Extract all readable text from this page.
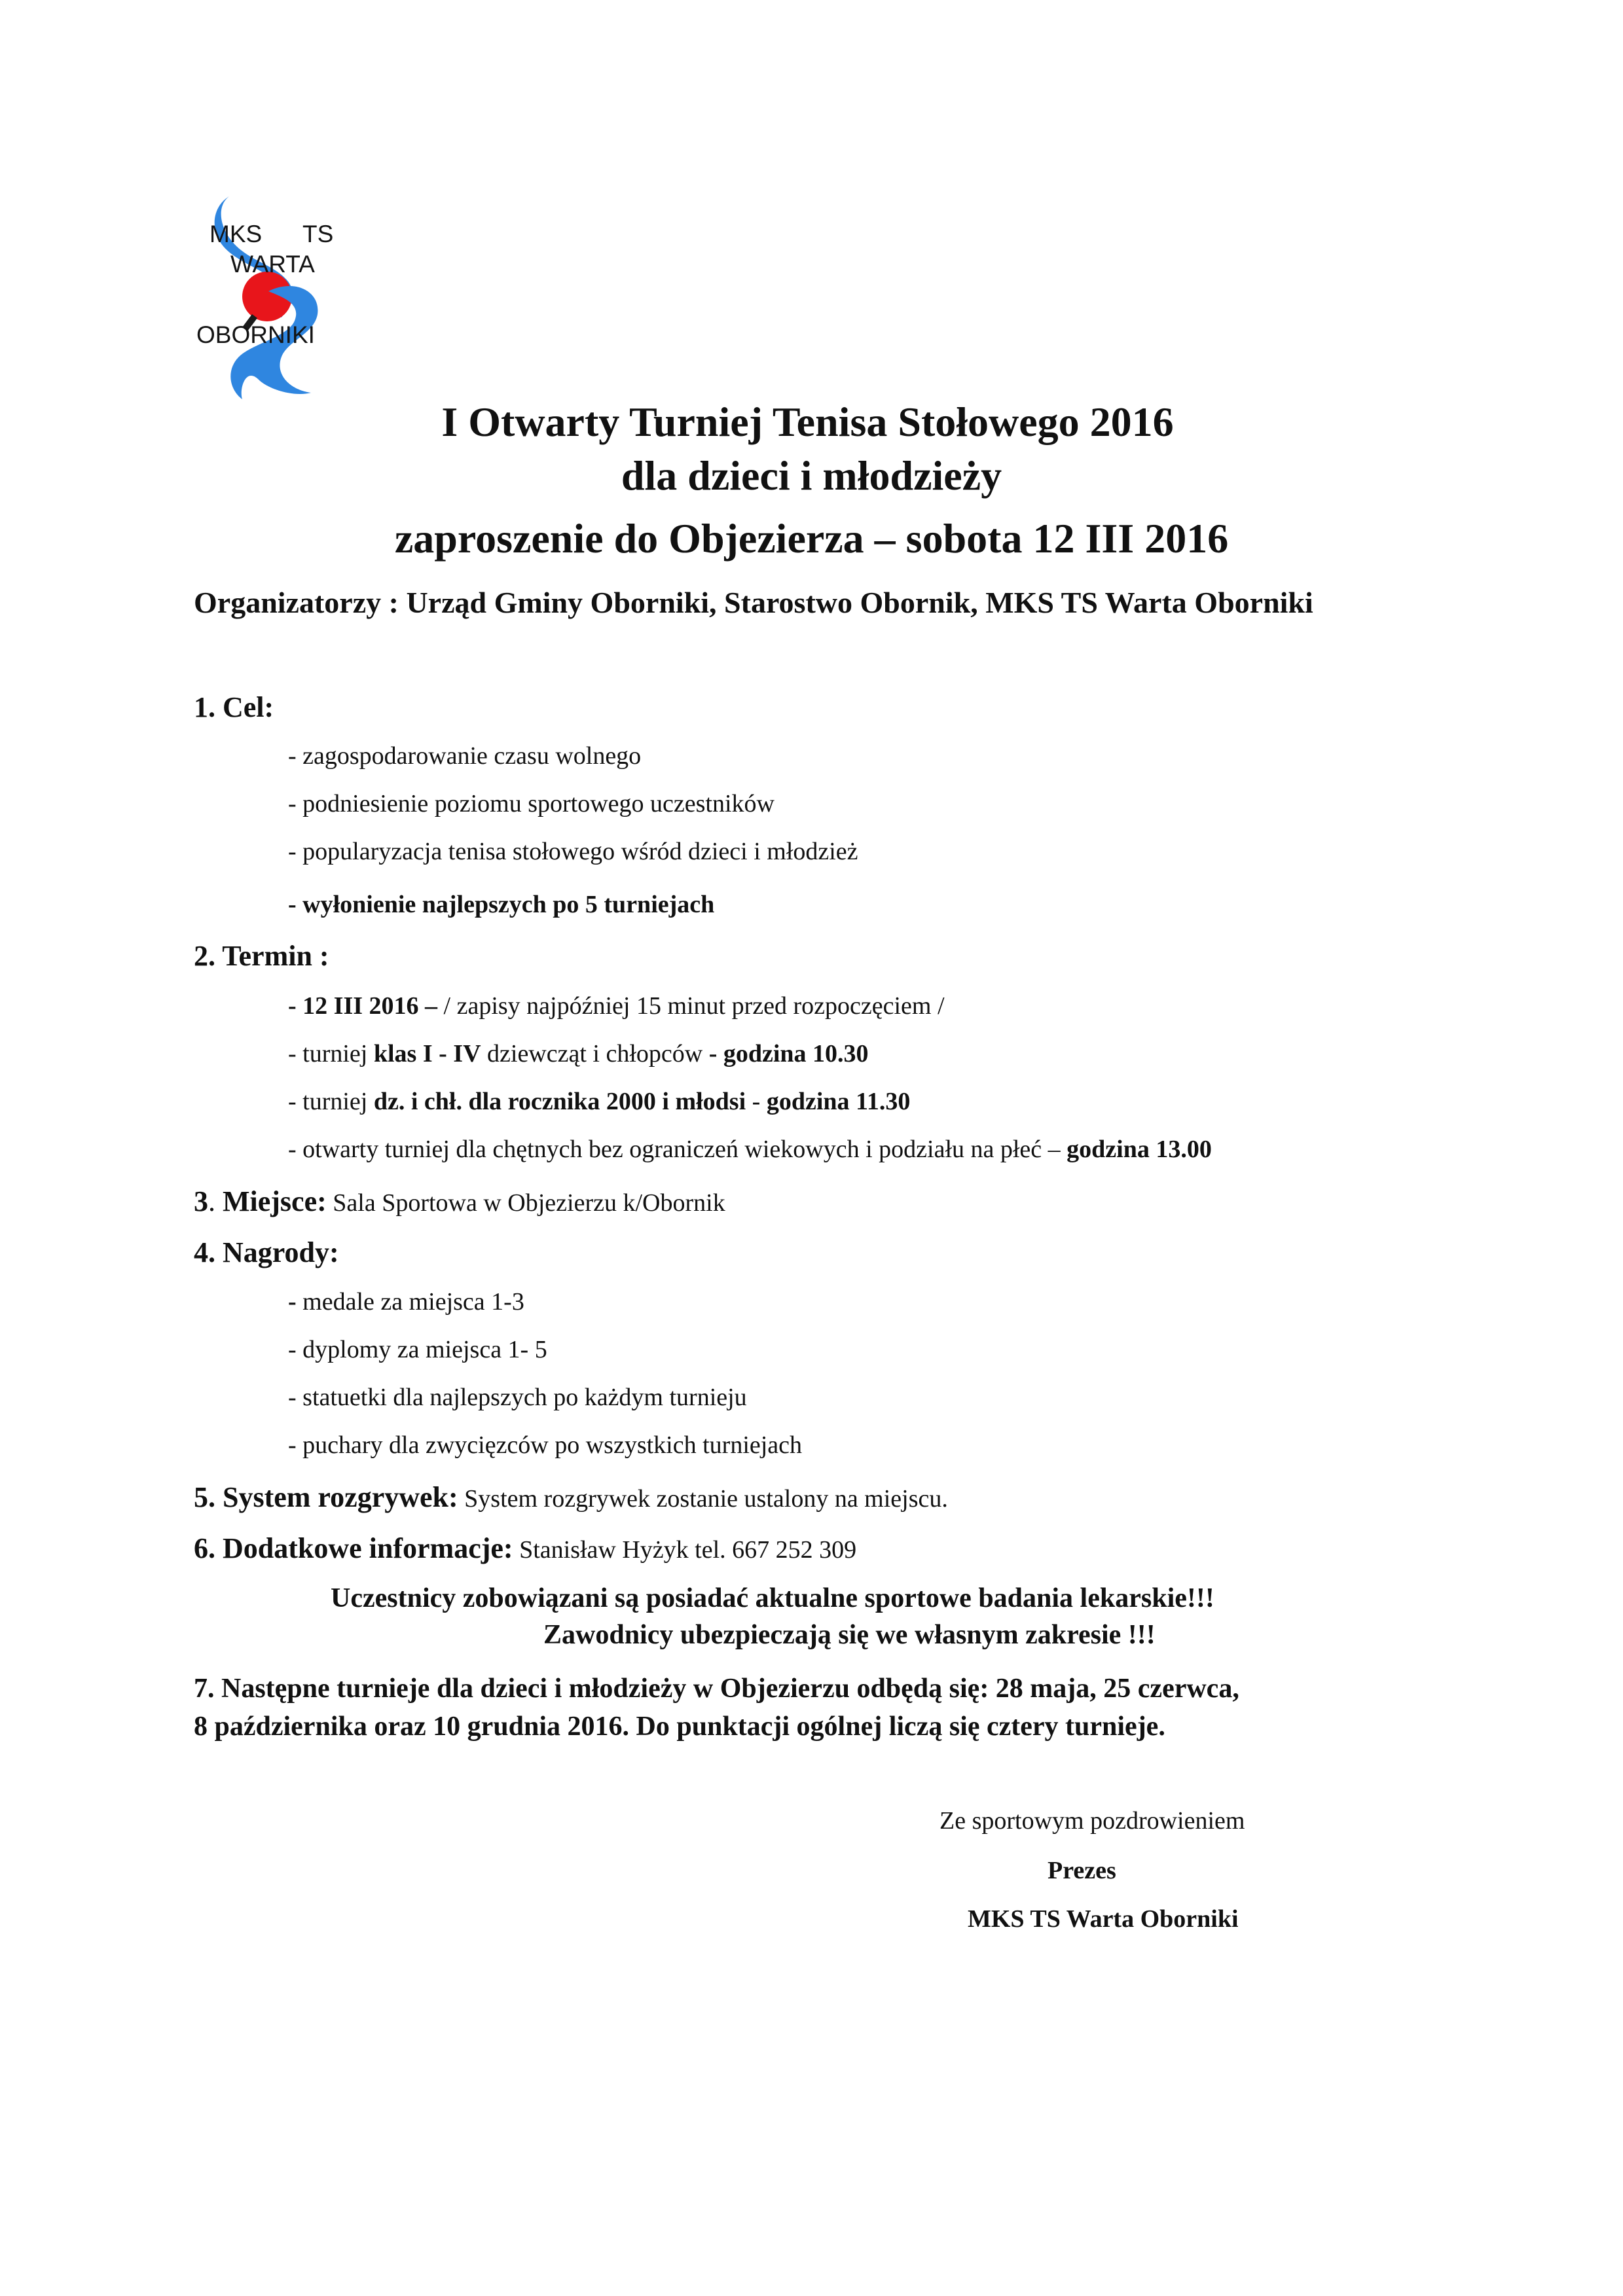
MKS TS
WARTA
OBORNIKI
I Otwarty Turniej Tenisa Stołowego 2016
dla dzieci i młodzieży
zaproszenie do Objezierza – sobota 12 III 2016
Organizatorzy : Urząd Gminy Oborniki, Starostwo Obornik, MKS TS Warta Oborniki
1. Cel:
- zagospodarowanie czasu wolnego
- podniesienie poziomu sportowego uczestników
- popularyzacja tenisa stołowego wśród dzieci i młodzież
- wyłonienie najlepszych po 5 turniejach
2. Termin :
- 12 III 2016 – / zapisy najpóźniej 15 minut przed rozpoczęciem /
- turniej klas I - IV dziewcząt i chłopców - godzina 10.30
- turniej dz. i chł. dla rocznika 2000 i młodsi - godzina 11.30
- otwarty turniej dla chętnych bez ograniczeń wiekowych i podziału na płeć – godzina 13.00
3. Miejsce: Sala Sportowa w Objezierzu k/Obornik
4. Nagrody:
- medale za miejsca 1-3
- dyplomy za miejsca 1- 5
- statuetki dla najlepszych po każdym turnieju
- puchary dla zwycięzców po wszystkich turniejach
5. System rozgrywek: System rozgrywek zostanie ustalony na miejscu.
6. Dodatkowe informacje: Stanisław Hyżyk tel. 667 252 309
Uczestnicy zobowiązani są posiadać aktualne sportowe badania lekarskie!!!
Zawodnicy ubezpieczają się we własnym zakresie !!!
7. Następne turnieje dla dzieci i młodzieży w Objezierzu odbędą się: 28 maja, 25 czerwca,
8 października oraz 10 grudnia 2016. Do punktacji ogólnej liczą się cztery turnieje.
Ze sportowym pozdrowieniem
Prezes
MKS TS Warta Oborniki
